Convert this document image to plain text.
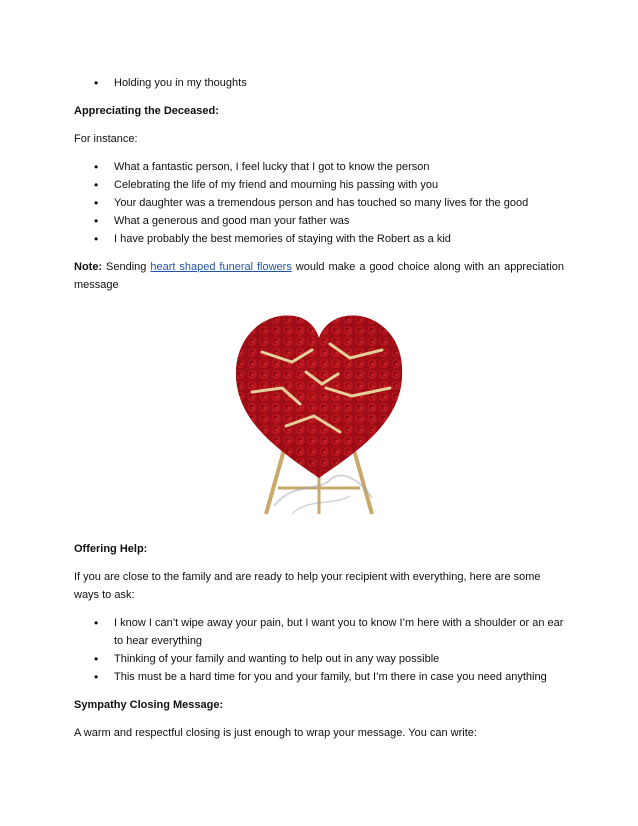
• Holding you in my thoughts

Appreciating the Deceased:

For instance:

• What a fantastic person, I feel lucky that I got to know the person
• Celebrating the life of my friend and mourning his passing with you
• Your daughter was a tremendous person and has touched so many lives for the good
• What a generous and good man your father was
• I have probably the best memories of staying with the Robert as a kid

Note: Sending heart shaped funeral flowers would make a good choice along with an appreciation message

Offering Help:

If you are close to the family and are ready to help your recipient with everything, here are some ways to ask:

• I know I can’t wipe away your pain, but I want you to know I’m here with a shoulder or an ear to hear everything
• Thinking of your family and wanting to help out in any way possible
• This must be a hard time for you and your family, but I’m there in case you need anything

Sympathy Closing Message:

A warm and respectful closing is just enough to wrap your message. You can write:
